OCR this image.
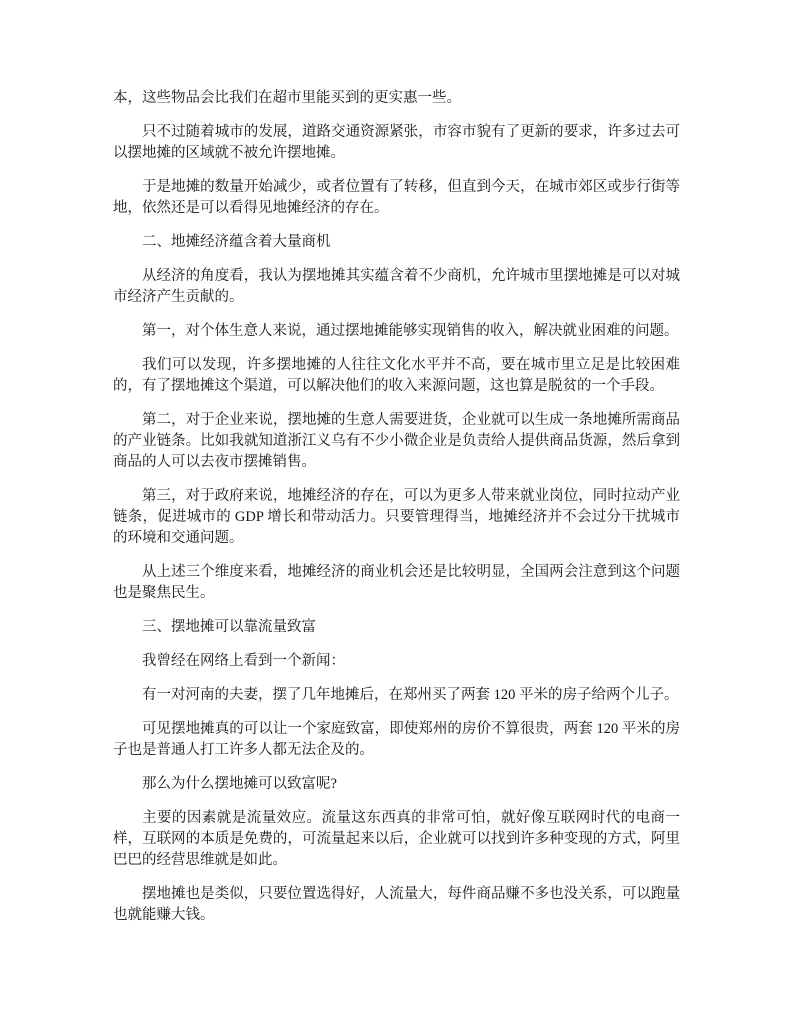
本，这些物品会比我们在超市里能买到的更实惠一些。

只不过随着城市的发展，道路交通资源紧张，市容市貌有了更新的要求，许多过去可以摆地摊的区域就不被允许摆地摊。

于是地摊的数量开始减少，或者位置有了转移，但直到今天，在城市郊区或步行街等地，依然还是可以看得见地摊经济的存在。

二、地摊经济蕴含着大量商机

从经济的角度看，我认为摆地摊其实蕴含着不少商机，允许城市里摆地摊是可以对城市经济产生贡献的。

第一，对个体生意人来说，通过摆地摊能够实现销售的收入，解决就业困难的问题。

我们可以发现，许多摆地摊的人往往文化水平并不高，要在城市里立足是比较困难的，有了摆地摊这个渠道，可以解决他们的收入来源问题，这也算是脱贫的一个手段。

第二，对于企业来说，摆地摊的生意人需要进货，企业就可以生成一条地摊所需商品的产业链条。比如我就知道浙江义乌有不少小微企业是负责给人提供商品货源，然后拿到商品的人可以去夜市摆摊销售。

第三，对于政府来说，地摊经济的存在，可以为更多人带来就业岗位，同时拉动产业链条，促进城市的 GDP 增长和带动活力。只要管理得当，地摊经济并不会过分干扰城市的环境和交通问题。

从上述三个维度来看，地摊经济的商业机会还是比较明显，全国两会注意到这个问题也是聚焦民生。

三、摆地摊可以靠流量致富

我曾经在网络上看到一个新闻：

有一对河南的夫妻，摆了几年地摊后，在郑州买了两套 120 平米的房子给两个儿子。

可见摆地摊真的可以让一个家庭致富，即使郑州的房价不算很贵，两套 120 平米的房子也是普通人打工许多人都无法企及的。

那么为什么摆地摊可以致富呢?

主要的因素就是流量效应。流量这东西真的非常可怕，就好像互联网时代的电商一样，互联网的本质是免费的，可流量起来以后，企业就可以找到许多种变现的方式，阿里巴巴的经营思维就是如此。

摆地摊也是类似，只要位置选得好，人流量大，每件商品赚不多也没关系，可以跑量也就能赚大钱。
